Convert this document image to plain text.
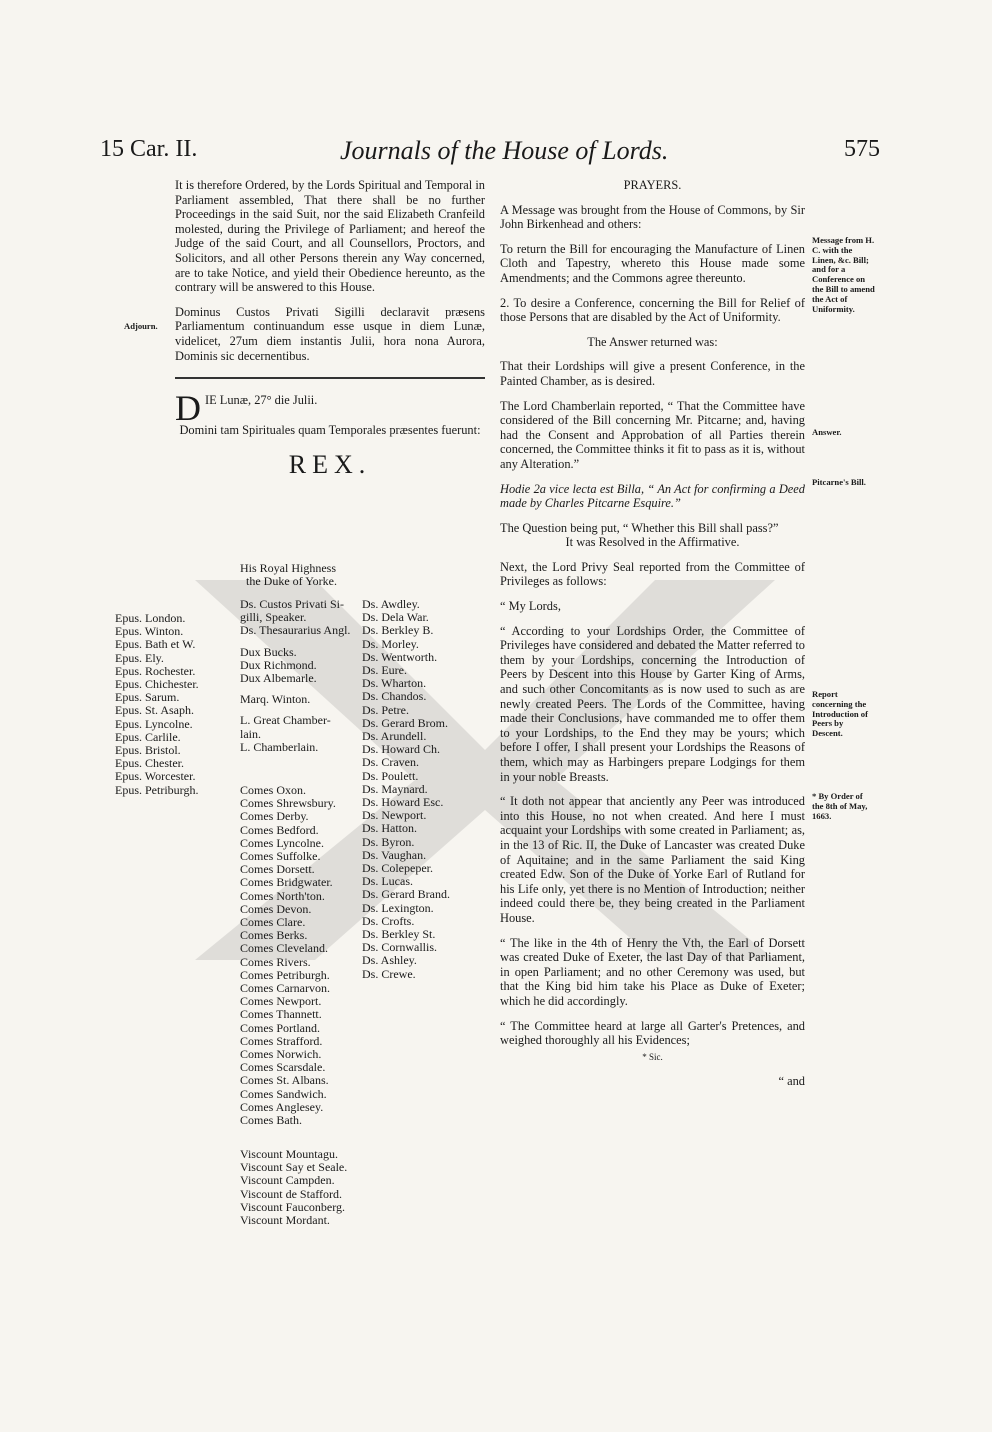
15 Car. II.	Journals of the House of Lords.	575

It is therefore Ordered, by the Lords Spiritual and Temporal in Parliament assembled, That there shall be no further Proceedings in the said Suit, nor the said Elizabeth Cranfeild molested, during the Privilege of Parliament; and hereof the Judge of the said Court, and all Counsellors, Proctors, and Solicitors, and all other Persons therein any Way concerned, are to take Notice, and yield their Obedience hereunto, as the contrary will be answered to this House.

Dominus Custos Privati Sigilli declaravit præsens Parliamentum continuandum esse usque in diem Lunæ, videlicet, 27um diem instantis Julii, hora nona Aurora, Dominis sic decernentibus.

DIE Lunæ, 27° die Julii.

Domini tam Spirituales quam Temporales præsentes fuerunt:

REX.
Adjourn.
His Royal Highness
the Duke of Yorke.
Epus. London.
Epus. Winton.
Epus. Bath et W.
Epus. Ely.
Epus. Rochester.
Epus. Chichester.
Epus. Sarum.
Epus. St. Asaph.
Epus. Lyncolne.
Epus. Carlile.
Epus. Bristol.
Epus. Chester.
Epus. Worcester.
Epus. Petriburgh.
Ds. Custos Privati Si-
gilli, Speaker.
Ds. Thesaurarius Angl.
Dux Bucks.
Dux Richmond.
Dux Albemarle.
Marq. Winton.
L. Great Chamber-
lain.
L. Chamberlain.
Comes Oxon.
Comes Shrewsbury.
Comes Derby.
Comes Bedford.
Comes Lyncolne.
Comes Suffolke.
Comes Dorsett.
Comes Bridgwater.
Comes North'ton.
Comes Devon.
Comes Clare.
Comes Berks.
Comes Cleveland.
Comes Rivers.
Comes Petriburgh.
Comes Carnarvon.
Comes Newport.
Comes Thannett.
Comes Portland.
Comes Strafford.
Comes Norwich.
Comes Scarsdale.
Comes St. Albans.
Comes Sandwich.
Comes Anglesey.
Comes Bath.
Viscount Mountagu.
Viscount Say et Seale.
Viscount Campden.
Viscount de Stafford.
Viscount Fauconberg.
Viscount Mordant.
Ds. Awdley.
Ds. Dela War.
Ds. Berkley B.
Ds. Morley.
Ds. Wentworth.
Ds. Eure.
Ds. Wharton.
Ds. Chandos.
Ds. Petre.
Ds. Gerard Brom.
Ds. Arundell.
Ds. Howard Ch.
Ds. Craven.
Ds. Poulett.
Ds. Maynard.
Ds. Howard Esc.
Ds. Newport.
Ds. Hatton.
Ds. Byron.
Ds. Vaughan.
Ds. Colepeper.
Ds. Lucas.
Ds. Gerard Brand.
Ds. Lexington.
Ds. Crofts.
Ds. Berkley St.
Ds. Cornwallis.
Ds. Ashley.
Ds. Crewe.

PRAYERS.

A Message was brought from the House of Commons, by Sir John Birkenhead and others:

To return the Bill for encouraging the Manufacture of Linen Cloth and Tapestry, whereto this House made some Amendments; and the Commons agree thereunto.

2. To desire a Conference, concerning the Bill for Relief of those Persons that are disabled by the Act of Uniformity.

The Answer returned was:

That their Lordships will give a present Conference, in the Painted Chamber, as is desired.

The Lord Chamberlain reported, “ That the Committee have considered of the Bill concerning Mr. Pitcarne; and, having had the Consent and Approbation of all Parties therein concerned, the Committee thinks it fit to pass as it is, without any Alteration.”

Hodie 2a vice lecta est Billa, “ An Act for confirming a Deed made by Charles Pitcarne Esquire.”

The Question being put, “ Whether this Bill shall pass?”

It was Resolved in the Affirmative.

Next, the Lord Privy Seal reported from the Committee of Privileges as follows:

“ My Lords,

“ According to your Lordships Order, the Committee of Privileges have considered and debated the Matter referred to them by your Lordships, concerning the Introduction of Peers by Descent into this House by Garter King of Arms, and such other Concomitants as is now used to such as are newly created Peers. The Lords of the Committee, having made their Conclusions, have commanded me to offer them to your Lordships, to the End they may be yours; which before I offer, I shall present your Lordships the Reasons of them, which may as Harbingers prepare Lodgings for them in your noble Breasts.

“ It doth not appear that anciently any Peer was introduced into this House, no not when created. And here I must acquaint your Lordships with some created in Parliament; as, in the 13 of Ric. II, the Duke of Lancaster was created Duke of Aquitaine; and in the same Parliament the said King created Edw. Son of the Duke of Yorke Earl of Rutland for his Life only, yet there is no Mention of Introduction; neither indeed could there be, they being created in the Parliament House.

“ The like in the 4th of Henry the Vth, the Earl of Dorsett was created Duke of Exeter, the last Day of that Parliament, in open Parliament; and no other Ceremony was used, but that the King bid him take his Place as Duke of Exeter; which he did accordingly.

“ The Committee heard at large all Garter's Pretences, and weighed thoroughly all his Evidences;

* Sic.

“ and

Message from H. C. with the Linen, &c. Bill; and for a Conference on the Bill to amend the Act of Uniformity.
Answer.
Pitcarne's Bill.
Report concerning the Introduction of Peers by Descent.
* By Order of the 8th of May, 1663.
